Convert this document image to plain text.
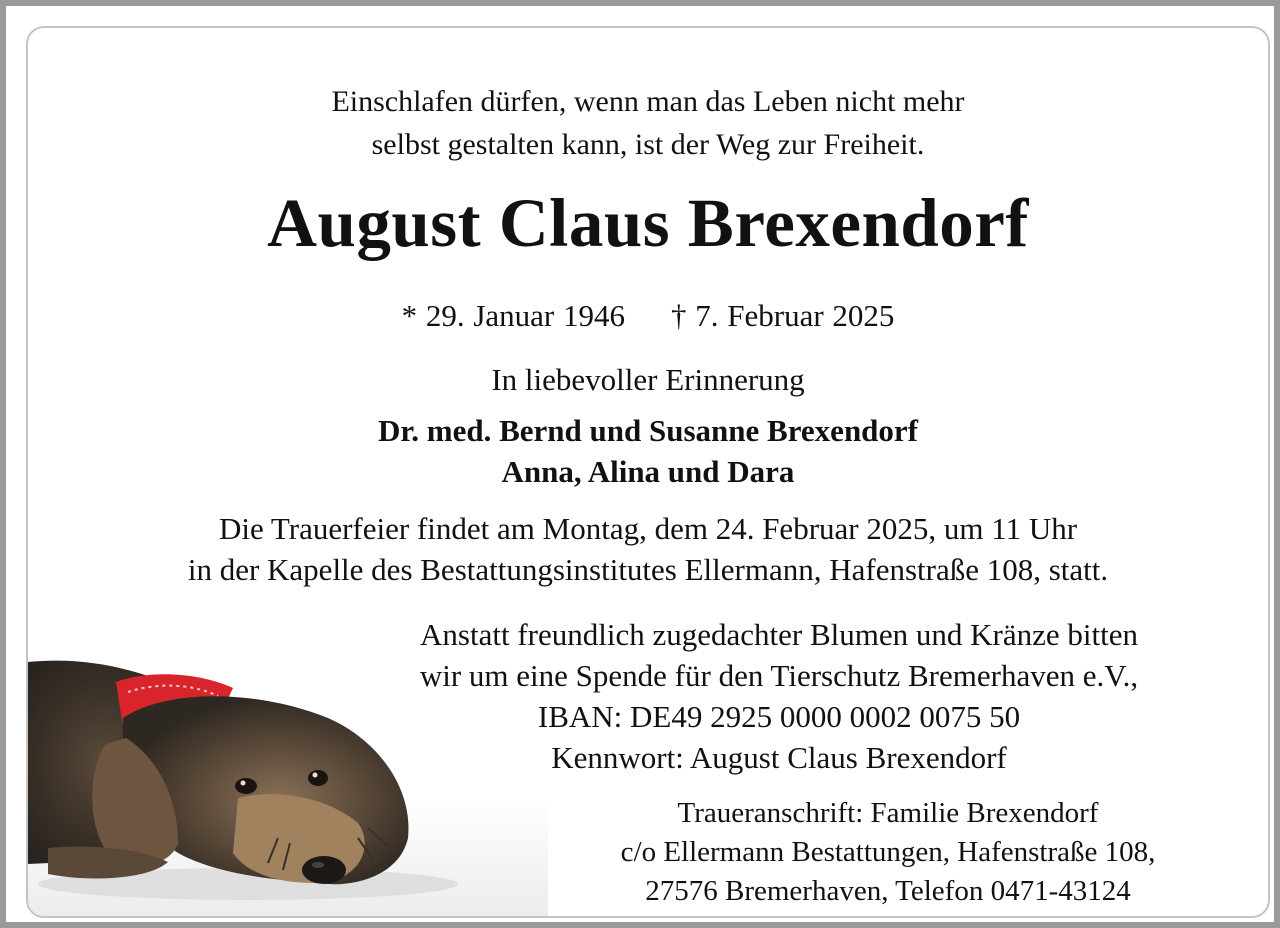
Einschlafen dürfen, wenn man das Leben nicht mehr
selbst gestalten kann, ist der Weg zur Freiheit.
August Claus Brexendorf
* 29. Januar 1946 † 7. Februar 2025
In liebevoller Erinnerung
Dr. med. Bernd und Susanne Brexendorf
Anna, Alina und Dara
Die Trauerfeier findet am Montag, dem 24. Februar 2025, um 11 Uhr
in der Kapelle des Bestattungsinstitutes Ellermann, Hafenstraße 108, statt.
Anstatt freundlich zugedachter Blumen und Kränze bitten
wir um eine Spende für den Tierschutz Bremerhaven e.V.,
IBAN: DE49 2925 0000 0002 0075 50
Kennwort: August Claus Brexendorf
Traueranschrift: Familie Brexendorf
c/o Ellermann Bestattungen, Hafenstraße 108,
27576 Bremerhaven, Telefon 0471-43124
